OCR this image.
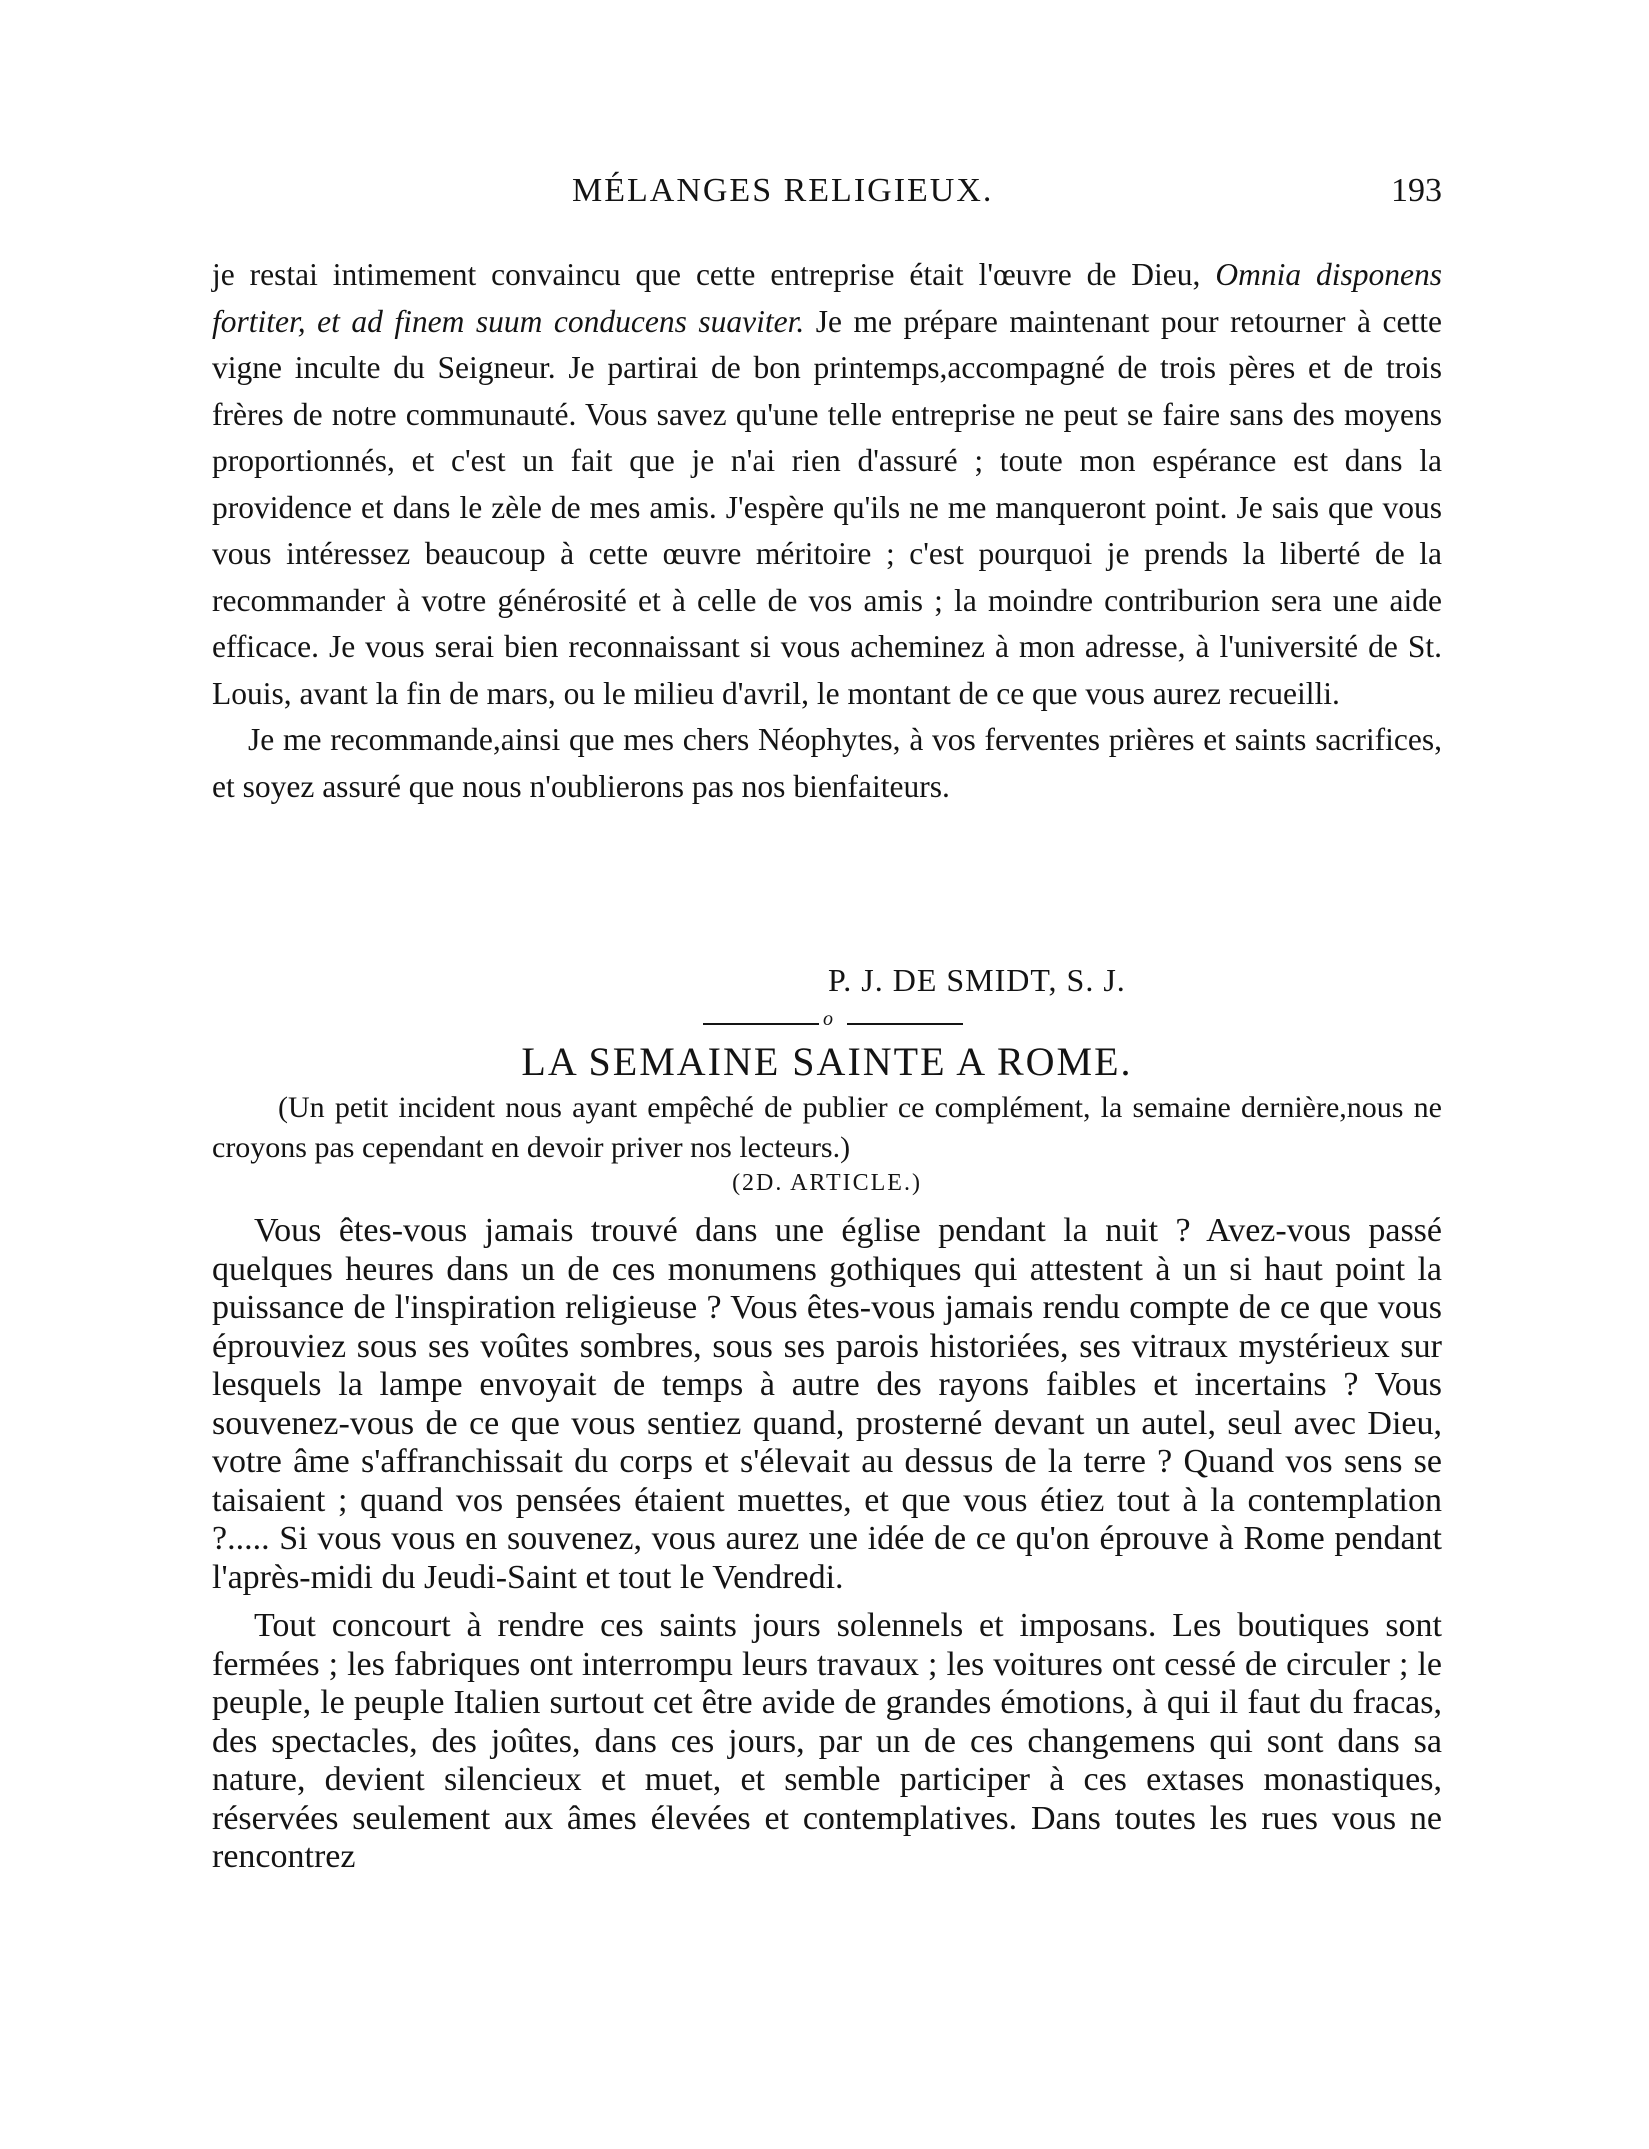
MÉLANGES RELIGIEUX.	193

je restai intimement convaincu que cette entreprise était l'œuvre de Dieu, Omnia disponens fortiter, et ad finem suum conducens suaviter. Je me prépare maintenant pour retourner à cette vigne inculte du Seigneur. Je partirai de bon printemps,accompagné de trois pères et de trois frères de notre communauté. Vous savez qu'une telle entreprise ne peut se faire sans des moyens proportionnés, et c'est un fait que je n'ai rien d'assuré ; toute mon espérance est dans la providence et dans le zèle de mes amis. J'espère qu'ils ne me manqueront point. Je sais que vous vous intéressez beaucoup à cette œuvre méritoire ; c'est pourquoi je prends la liberté de la recommander à votre générosité et à celle de vos amis ; la moindre contriburion sera une aide efficace. Je vous serai bien reconnaissant si vous acheminez à mon adresse, à l'université de St. Louis, avant la fin de mars, ou le milieu d'avril, le montant de ce que vous aurez recueilli.

Je me recommande,ainsi que mes chers Néophytes, à vos ferventes prières et saints sacrifices, et soyez assuré que nous n'oublierons pas nos bienfaiteurs.

P. J. DE SMIDT, S. J.
o
LA SEMAINE SAINTE A ROME.

(Un petit incident nous ayant empêché de publier ce complément, la semaine dernière,nous ne croyons pas cependant en devoir priver nos lecteurs.)

(2D. ARTICLE.)

Vous êtes-vous jamais trouvé dans une église pendant la nuit ? Avez-vous passé quelques heures dans un de ces monumens gothiques qui attestent à un si haut point la puissance de l'inspiration religieuse ? Vous êtes-vous jamais rendu compte de ce que vous éprouviez sous ses voûtes sombres, sous ses parois historiées, ses vitraux mystérieux sur lesquels la lampe envoyait de temps à autre des rayons faibles et incertains ? Vous souvenez-vous de ce que vous sentiez quand, prosterné devant un autel, seul avec Dieu, votre âme s'affranchissait du corps et s'élevait au dessus de la terre ? Quand vos sens se taisaient ; quand vos pensées étaient muettes, et que vous étiez tout à la contemplation ?..... Si vous vous en souvenez, vous aurez une idée de ce qu'on éprouve à Rome pendant l'après-midi du Jeudi-Saint et tout le Vendredi.

Tout concourt à rendre ces saints jours solennels et imposans. Les boutiques sont fermées ; les fabriques ont interrompu leurs travaux ; les voitures ont cessé de circuler ; le peuple, le peuple Italien surtout cet être avide de grandes émotions, à qui il faut du fracas, des spectacles, des joûtes, dans ces jours, par un de ces changemens qui sont dans sa nature, devient silencieux et muet, et semble participer à ces extases monastiques, réservées seulement aux âmes élevées et contemplatives. Dans toutes les rues vous ne rencontrez
